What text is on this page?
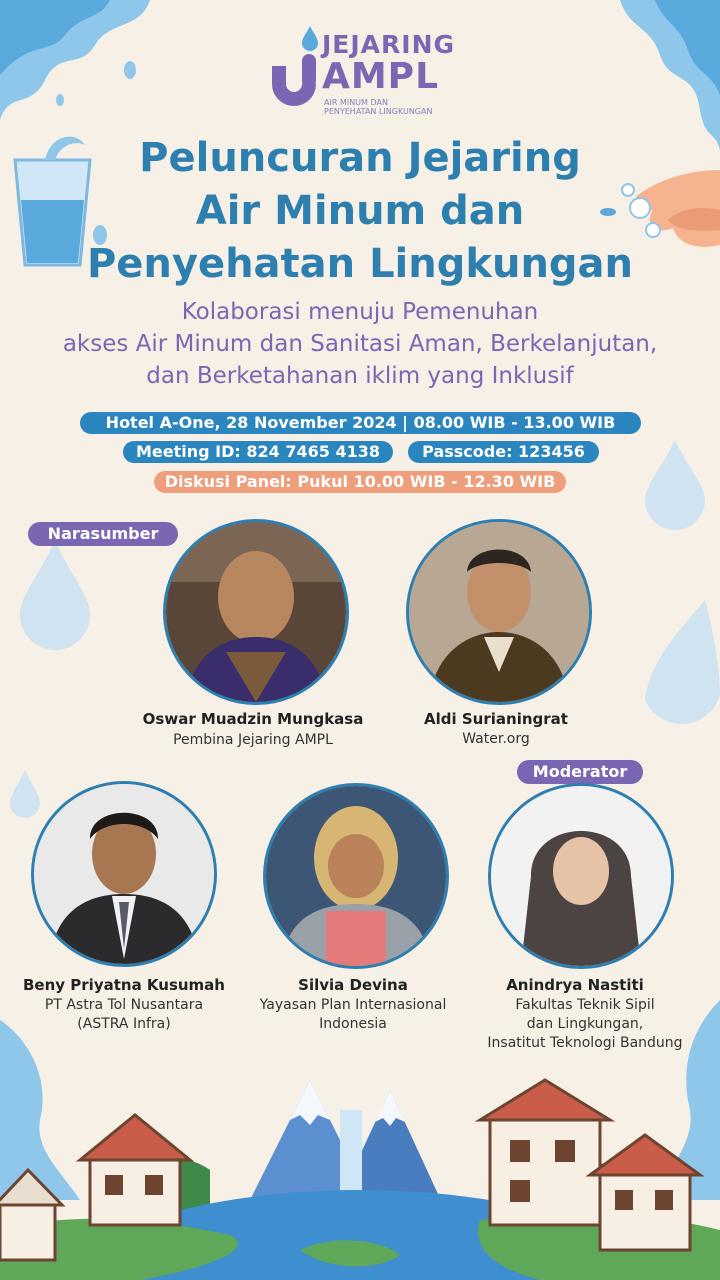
JEJARING
AMPL
AIR MINUM DAN
PENYEHATAN LINGKUNGAN
Peluncuran Jejaring
Air Minum dan
Penyehatan Lingkungan
Kolaborasi menuju Pemenuhan
akses Air Minum dan Sanitasi Aman, Berkelanjutan,
dan Berketahanan iklim yang Inklusif
Hotel A-One, 28 November 2024 | 08.00 WIB - 13.00 WIB
Meeting ID: 824 7465 4138	Passcode: 123456
Diskusi Panel: Pukul 10.00 WIB - 12.30 WIB
Narasumber
Moderator
Oswar Muadzin Mungkasa
Pembina Jejaring AMPL
Aldi Surianingrat
Water.org
Beny Priyatna Kusumah
PT Astra Tol Nusantara
(ASTRA Infra)
Silvia Devina
Yayasan Plan Internasional
Indonesia
Anindrya Nastiti
Fakultas Teknik Sipil
dan Lingkungan,
Insatitut Teknologi Bandung
